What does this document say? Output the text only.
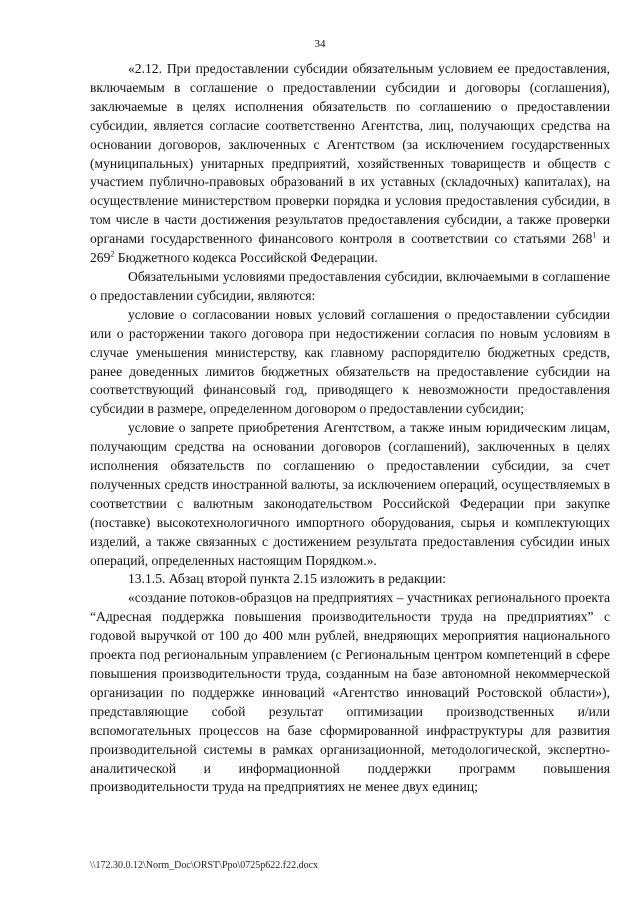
34

«2.12. При предоставлении субсидии обязательным условием ее предоставления, включаемым в соглашение о предоставлении субсидии и договоры (соглашения), заключаемые в целях исполнения обязательств по соглашению о предоставлении субсидии, является согласие соответственно Агентства, лиц, получающих средства на основании договоров, заключенных с Агентством (за исключением государственных (муниципальных) унитарных предприятий, хозяйственных товариществ и обществ с участием публично-правовых образований в их уставных (складочных) капиталах), на осуществление министерством проверки порядка и условия предоставления субсидии, в том числе в части достижения результатов предоставления субсидии, а также проверки органами государственного финансового контроля в соответствии со статьями $268^1$ и $269^2$ Бюджетного кодекса Российской Федерации.

Обязательными условиями предоставления субсидии, включаемыми в соглашение о предоставлении субсидии, являются:

условие о согласовании новых условий соглашения о предоставлении субсидии или о расторжении такого договора при недостижении согласия по новым условиям в случае уменьшения министерству, как главному распорядителю бюджетных средств, ранее доведенных лимитов бюджетных обязательств на предоставление субсидии на соответствующий финансовый год, приводящего к невозможности предоставления субсидии в размере, определенном договором о предоставлении субсидии;

условие о запрете приобретения Агентством, а также иным юридическим лицам, получающим средства на основании договоров (соглашений), заключенных в целях исполнения обязательств по соглашению о предоставлении субсидии, за счет полученных средств иностранной валюты, за исключением операций, осуществляемых в соответствии с валютным законодательством Российской Федерации при закупке (поставке) высокотехнологичного импортного оборудования, сырья и комплектующих изделий, а также связанных с достижением результата предоставления субсидии иных операций, определенных настоящим Порядком.».

13.1.5. Абзац второй пункта 2.15 изложить в редакции:

«создание потоков-образцов на предприятиях – участниках регионального проекта “Адресная поддержка повышения производительности труда на предприятиях” с годовой выручкой от 100 до 400 млн рублей, внедряющих мероприятия национального проекта под региональным управлением (с Региональным центром компетенций в сфере повышения производительности труда, созданным на базе автономной некоммерческой организации по поддержке инноваций «Агентство инноваций Ростовской области»), представляющие собой результат оптимизации производственных и/или вспомогательных процессов на базе сформированной инфраструктуры для развития производительной системы в рамках организационной, методологической, экспертно-аналитической и информационной поддержки программ повышения производительности труда на предприятиях не менее двух единиц;

\\172.30.0.12\Norm_Doc\ORST\Ppo\0725p622.f22.docx
